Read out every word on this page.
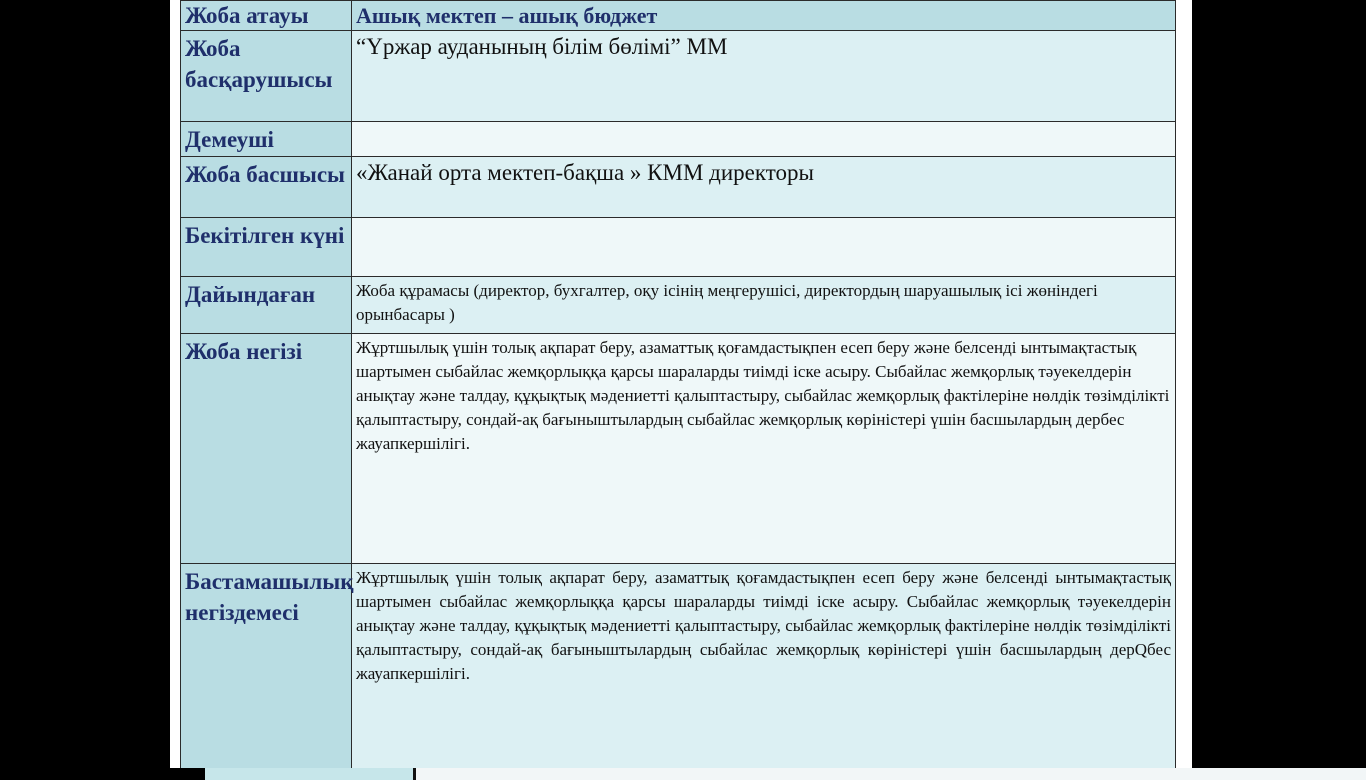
Жоба атауы	Ашық мектеп – ашық бюджет
Жоба басқарушысы	“Үржар ауданының білім бөлімі” ММ
Демеуші	
Жоба басшысы	«Жанай орта мектеп-бақша » КММ директоры
Бекітілген күні	
Дайындаған	Жоба құрамасы (директор, бухгалтер, оқу ісінің меңгерушісі, директордың шаруашылық ісі жөніндегі орынбасары )
Жоба негізі	Жұртшылық үшін толық ақпарат беру, азаматтық қоғамдастықпен есеп беру және белсенді ынтымақтастық шартымен сыбайлас жемқорлыққа қарсы шараларды тиімді іске асыру. Сыбайлас жемқорлық тәуекелдерін анықтау және талдау, құқықтық мәдениетті қалыптастыру, сыбайлас жемқорлық фактілеріне нөлдік төзімділікті қалыптастыру, сондай-ақ бағыныштылардың сыбайлас жемқорлық көріністері үшін басшылардың дербес жауапкершілігі.
Бастамашылық негіздемесі	Жұртшылық үшін толық ақпарат беру, азаматтық қоғамдастықпен есеп беру және белсенді ынтымақтастық шартымен сыбайлас жемқорлыққа қарсы шараларды тиімді іске асыру. Сыбайлас жемқорлық тәуекелдерін анықтау және талдау, құқықтық мәдениетті қалыптастыру, сыбайлас жемқорлық фактілеріне нөлдік төзімділікті қалыптастыру, сондай-ақ бағыныштылардың сыбайлас жемқорлық көріністері үшін басшылардың дерQбес жауапкершілігі.
